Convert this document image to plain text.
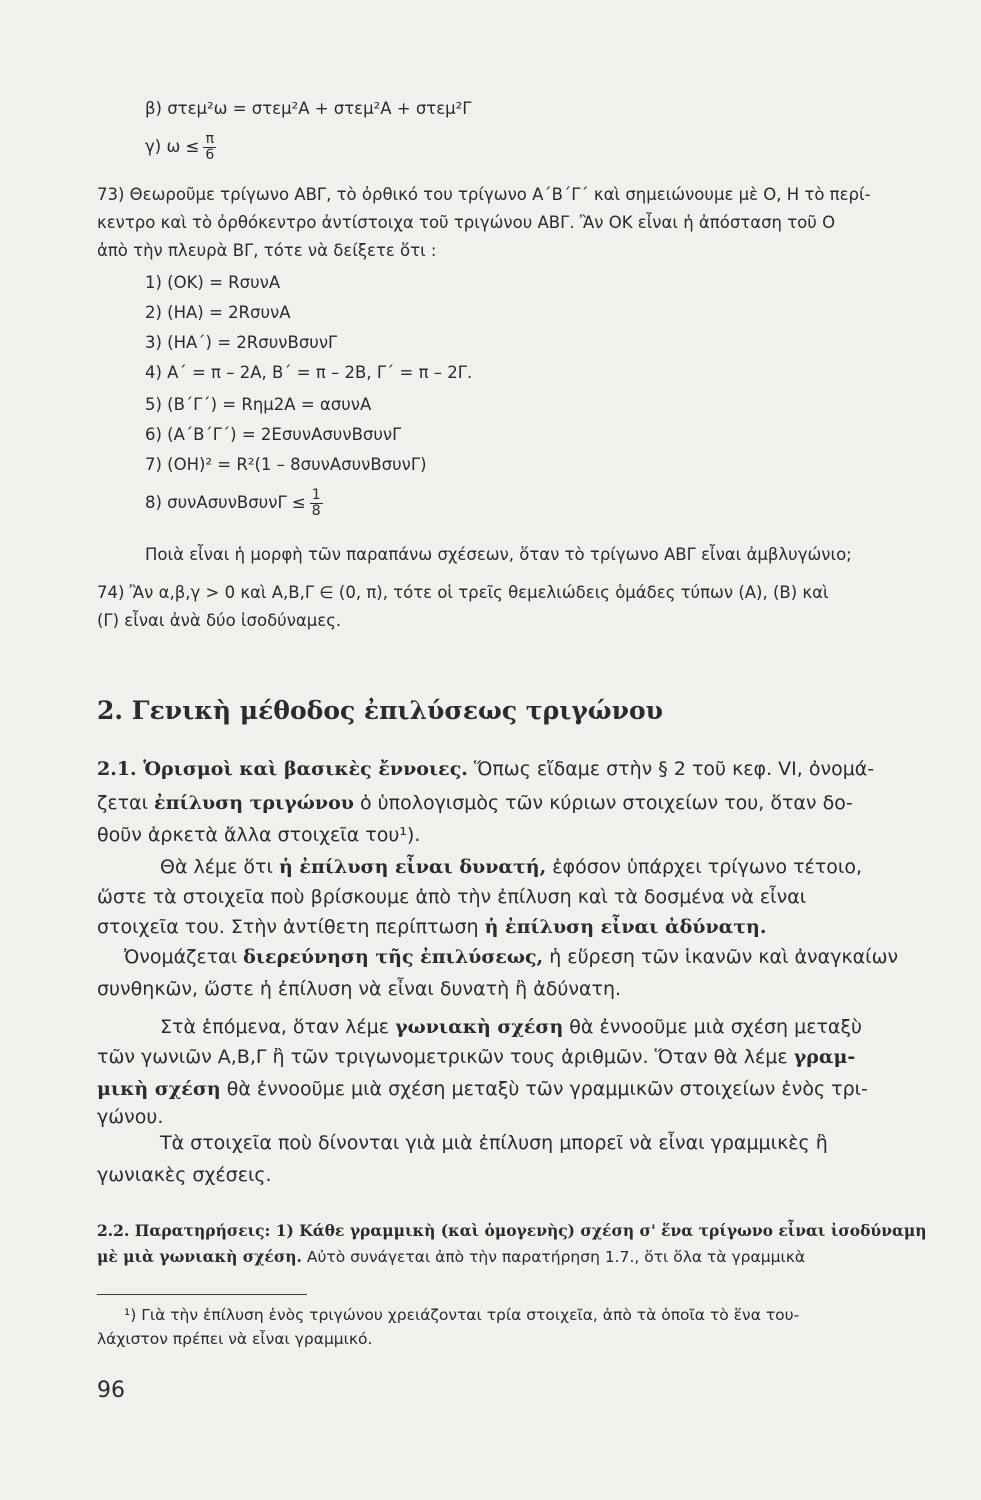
β) στεμ²ω = στεμ²Α + στεμ²Α + στεμ²Γ
γ) $\omega \le \frac{\pi}{6}$
73) Θεωροῦμε τρίγωνο ΑΒΓ, τὸ ὀρθικό του τρίγωνο Α΄Β΄Γ΄ καὶ σημειώνουμε μὲ Ο, Η τὸ περί-
κεντρο καὶ τὸ ὀρθόκεντρο ἀντίστοιχα τοῦ τριγώνου ΑΒΓ. Ἂν ΟΚ εἶναι ἡ ἀπόσταση τοῦ Ο
ἀπὸ τὴν πλευρὰ ΒΓ, τότε νὰ δείξετε ὅτι :
1) (ΟΚ) = RσυνΑ
2) (ΗΑ) = 2RσυνΑ
3) (ΗΑ΄) = 2RσυνΒσυνΓ
4) Α΄ = π – 2Α, Β΄ = π – 2Β, Γ΄ = π – 2Γ.
5) (Β΄Γ΄) = Rημ2Α = ασυνΑ
6) (Α΄Β΄Γ΄) = 2ΕσυνΑσυνΒσυνΓ
7) (ΟΗ)² = R²(1 – 8συνΑσυνΒσυνΓ)
8) $\sigma\upsilon\nu A\sigma\upsilon\nu B\sigma\upsilon\nu\Gamma \le \frac{1}{8}$
Ποιὰ εἶναι ἡ μορφὴ τῶν παραπάνω σχέσεων, ὅταν τὸ τρίγωνο ΑΒΓ εἶναι ἀμβλυγώνιο;
74) Ἂν α,β,γ > 0 καὶ Α,Β,Γ ∈ (0, π), τότε οἱ τρεῖς θεμελιώδεις ὁμάδες τύπων (Α), (Β) καὶ
(Γ) εἶναι ἀνὰ δύο ἰσοδύναμες.
2. Γενικὴ μέθοδος ἐπιλύσεως τριγώνου
2.1. Ὁρισμοὶ καὶ βασικὲς ἔννοιες. Ὅπως εἴδαμε στὴν § 2 τοῦ κεφ. VI, ὀνομά-
ζεται ἐπίλυση τριγώνου ὁ ὑπολογισμὸς τῶν κύριων στοιχείων του, ὅταν δο-
θοῦν ἀρκετὰ ἄλλα στοιχεῖα του¹).
Θὰ λέμε ὅτι ἡ ἐπίλυση εἶναι δυνατή, ἐφόσον ὑπάρχει τρίγωνο τέτοιο,
ὥστε τὰ στοιχεῖα ποὺ βρίσκουμε ἀπὸ τὴν ἐπίλυση καὶ τὰ δοσμένα νὰ εἶναι
στοιχεῖα του. Στὴν ἀντίθετη περίπτωση ἡ ἐπίλυση εἶναι ἀδύνατη.
Ὀνομάζεται διερεύνηση τῆς ἐπιλύσεως, ἡ εὕρεση τῶν ἱκανῶν καὶ ἀναγκαίων
συνθηκῶν, ὥστε ἡ ἐπίλυση νὰ εἶναι δυνατὴ ἢ ἀδύνατη.
Στὰ ἑπόμενα, ὅταν λέμε γωνιακὴ σχέση θὰ ἐννοοῦμε μιὰ σχέση μεταξὺ
τῶν γωνιῶν Α,Β,Γ ἢ τῶν τριγωνομετρικῶν τους ἀριθμῶν. Ὅταν θὰ λέμε γραμ-
μικὴ σχέση θὰ ἐννοοῦμε μιὰ σχέση μεταξὺ τῶν γραμμικῶν στοιχείων ἑνὸς τρι-
γώνου.
Τὰ στοιχεῖα ποὺ δίνονται γιὰ μιὰ ἐπίλυση μπορεῖ νὰ εἶναι γραμμικὲς ἢ
γωνιακὲς σχέσεις.
2.2. Παρατηρήσεις: 1) Κάθε γραμμικὴ (καὶ ὁμογενὴς) σχέση σ' ἕνα τρίγωνο εἶναι ἰσοδύναμη
μὲ μιὰ γωνιακὴ σχέση. Αὐτὸ συνάγεται ἀπὸ τὴν παρατήρηση 1.7., ὅτι ὅλα τὰ γραμμικὰ
¹) Γιὰ τὴν ἐπίλυση ἑνὸς τριγώνου χρειάζονται τρία στοιχεῖα, ἀπὸ τὰ ὁποῖα τὸ ἕνα του-
λάχιστον πρέπει νὰ εἶναι γραμμικό.
96
